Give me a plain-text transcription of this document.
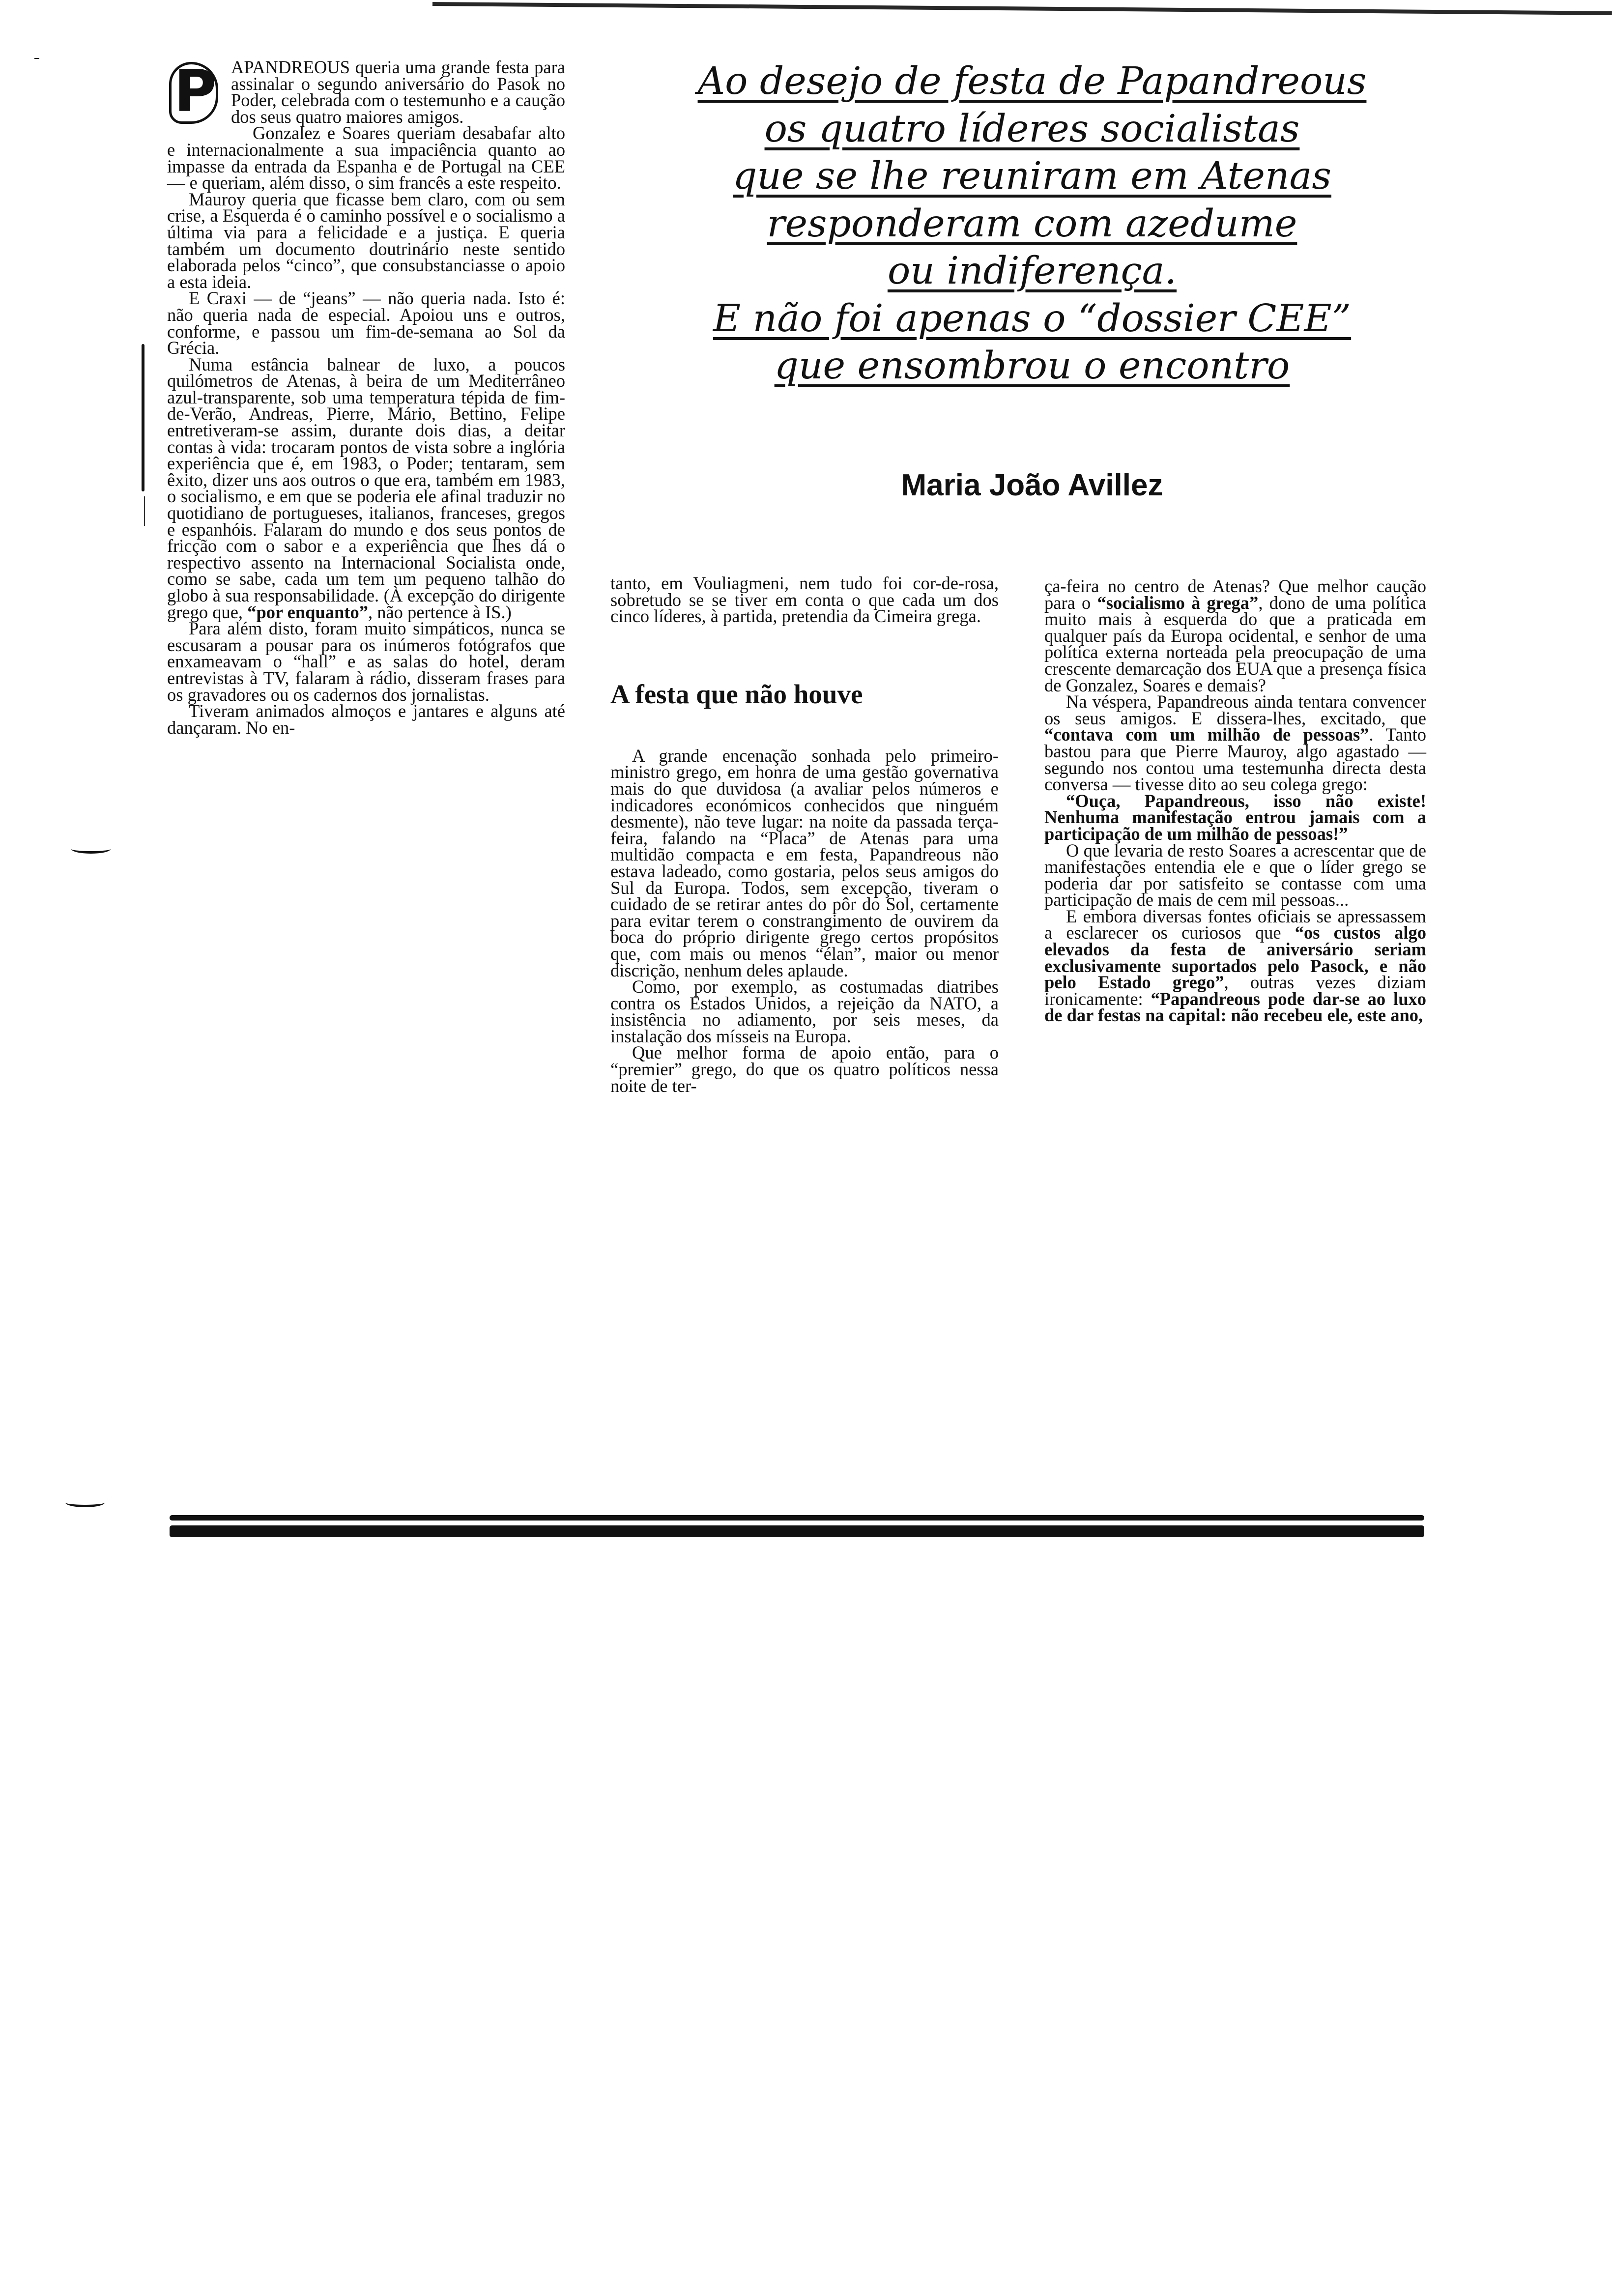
Ao desejo de festa de Papandreous
os quatro líderes socialistas
que se lhe reuniram em Atenas
responderam com azedume
ou indiferença.
E não foi apenas o “dossier CEE”
que ensombrou o encontro
Maria João Avillez

P APANDREOUS queria uma grande festa para assinalar o segundo aniversário do Pasok no Poder, celebrada com o testemunho e a caução dos seus quatro maiores amigos.

Gonzalez e Soares queriam desabafar alto e internacionalmente a sua impaciência quanto ao impasse da entrada da Espanha e de Portugal na CEE — e queriam, além disso, o sim francês a este respeito.

Mauroy queria que ficasse bem claro, com ou sem crise, a Esquerda é o caminho possível e o socialismo a última via para a felicidade e a justiça. E queria também um documento doutrinário neste sentido elaborada pelos “cinco”, que consubstanciasse o apoio a esta ideia.

E Craxi — de “jeans” — não queria nada. Isto é: não queria nada de especial. Apoiou uns e outros, conforme, e passou um fim-de-semana ao Sol da Grécia.

Numa estância balnear de luxo, a poucos quilómetros de Atenas, à beira de um Mediterrâneo azul-transparente, sob uma temperatura tépida de fim-de-Verão, Andreas, Pierre, Mário, Bettino, Felipe entretiveram-se assim, durante dois dias, a deitar contas à vida: trocaram pontos de vista sobre a inglória experiência que é, em 1983, o Poder; tentaram, sem êxito, dizer uns aos outros o que era, também em 1983, o socialismo, e em que se poderia ele afinal traduzir no quotidiano de portugueses, italianos, franceses, gregos e espanhóis. Falaram do mundo e dos seus pontos de fricção com o sabor e a experiência que lhes dá o respectivo assento na Internacional Socialista onde, como se sabe, cada um tem um pequeno talhão do globo à sua responsabilidade. (À excepção do dirigente grego que, “por enquanto”, não pertence à IS.)

Para além disto, foram muito simpáticos, nunca se escusaram a pousar para os inúmeros fotógrafos que enxameavam o “hall” e as salas do hotel, deram entrevistas à TV, falaram à rádio, disseram frases para os gravadores ou os cadernos dos jornalistas.

Tiveram animados almoços e jantares e alguns até dançaram. No en-

tanto, em Vouliagmeni, nem tudo foi cor-de-rosa, sobretudo se se tiver em conta o que cada um dos cinco líderes, à partida, pretendia da Cimeira grega.

A festa que não houve

A grande encenação sonhada pelo primeiro-ministro grego, em honra de uma gestão governativa mais do que duvidosa (a avaliar pelos números e indicadores económicos conhecidos que ninguém desmente), não teve lugar: na noite da passada terça-feira, falando na “Placa” de Atenas para uma multidão compacta e em festa, Papandreous não estava ladeado, como gostaria, pelos seus amigos do Sul da Europa. Todos, sem excepção, tiveram o cuidado de se retirar antes do pôr do Sol, certamente para evitar terem o constrangimento de ouvirem da boca do próprio dirigente grego certos propósitos que, com mais ou menos “élan”, maior ou menor discrição, nenhum deles aplaude.

Como, por exemplo, as costumadas diatribes contra os Estados Unidos, a rejeição da NATO, a insistência no adiamento, por seis meses, da instalação dos mísseis na Europa.

Que melhor forma de apoio então, para o “premier” grego, do que os quatro políticos nessa noite de ter-

ça-feira no centro de Atenas? Que melhor caução para o “socialismo à grega”, dono de uma política muito mais à esquerda do que a praticada em qualquer país da Europa ocidental, e senhor de uma política externa norteada pela preocupação de uma crescente demarcação dos EUA que a presença física de Gonzalez, Soares e demais?

Na véspera, Papandreous ainda tentara convencer os seus amigos. E dissera-lhes, excitado, que “contava com um milhão de pessoas”. Tanto bastou para que Pierre Mauroy, algo agastado — segundo nos contou uma testemunha directa desta conversa — tivesse dito ao seu colega grego:

“Ouça, Papandreous, isso não existe! Nenhuma manifestação entrou jamais com a participação de um milhão de pessoas!”

O que levaria de resto Soares a acrescentar que de manifestações entendia ele e que o líder grego se poderia dar por satisfeito se contasse com uma participação de mais de cem mil pessoas...

E embora diversas fontes oficiais se apressassem a esclarecer os curiosos que “os custos algo elevados da festa de aniversário seriam exclusivamente suportados pelo Pasock, e não pelo Estado grego”, outras vezes diziam ironicamente: “Papandreous pode dar-se ao luxo de dar festas na capital: não recebeu ele, este ano,
